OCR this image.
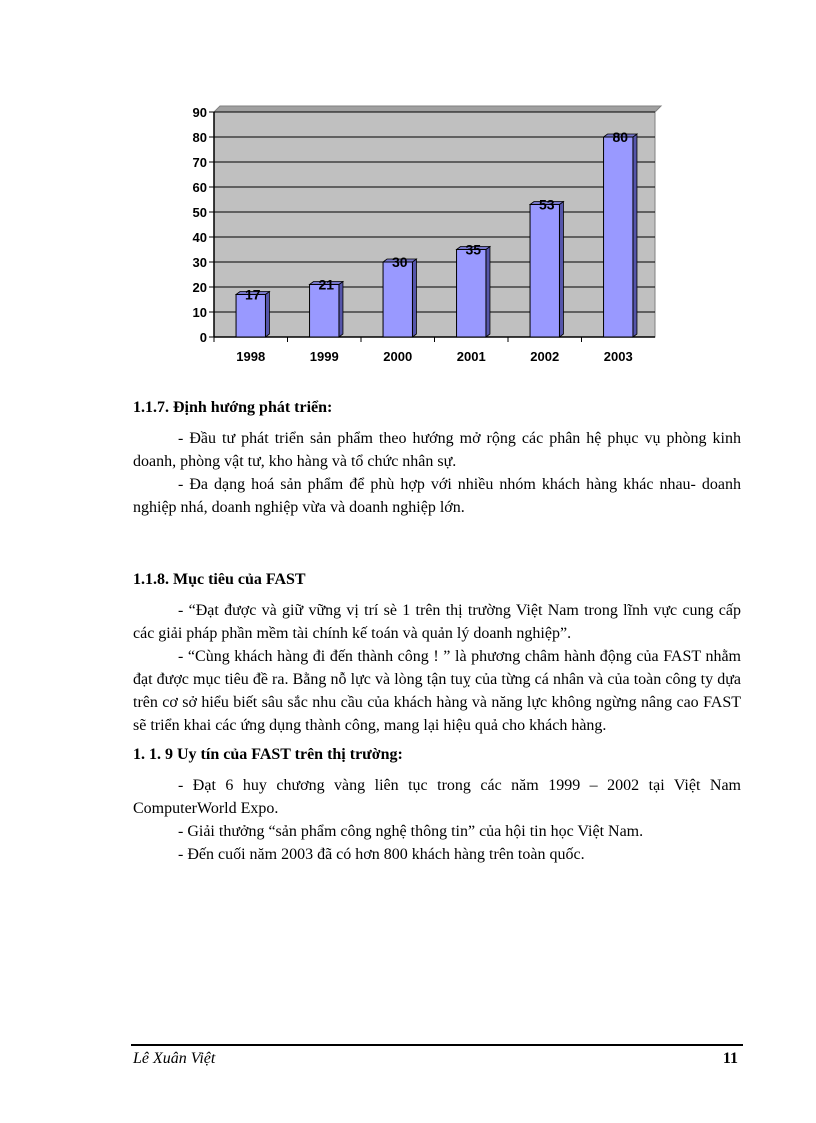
0
10
20
30
40
50
60
70
80
90
17
1998
21
1999
30
2000
35
2001
53
2002
80
2003

1.1.7. Định hướng phát triển:

- Đầu tư phát triển sản phẩm theo hướng mở rộng các phân hệ phục vụ phòng kinh doanh, phòng vật tư, kho hàng và tổ chức nhân sự.

- Đa dạng hoá sản phẩm để phù hợp với nhiều nhóm khách hàng khác nhau- doanh nghiệp nhá, doanh nghiệp vừa và doanh nghiệp lớn.

1.1.8. Mục tiêu của FAST

- “Đạt được và giữ vững vị trí sè 1 trên thị trường Việt Nam trong lĩnh vực cung cấp các giải pháp phần mềm tài chính kế toán và quản lý doanh nghiệp”.

- “Cùng khách hàng đi đến thành công ! ” là phương châm hành động của FAST nhằm đạt được mục tiêu đề ra. Bằng nỗ lực và lòng tận tuỵ của từng cá nhân và của toàn công ty dựa trên cơ sở hiểu biết sâu sắc nhu cầu của khách hàng và năng lực không ngừng nâng cao FAST sẽ triển khai các ứng dụng thành công, mang lại hiệu quả cho khách hàng.

1. 1. 9 Uy tín của FAST trên thị trường:

- Đạt 6 huy chương vàng liên tục trong các năm 1999 – 2002 tại Việt Nam ComputerWorld Expo.

- Giải thưởng “sản phẩm công nghệ thông tin” của hội tin học Việt Nam.

- Đến cuối năm 2003 đã có hơn 800 khách hàng trên toàn quốc.

Lê Xuân Việt	11
